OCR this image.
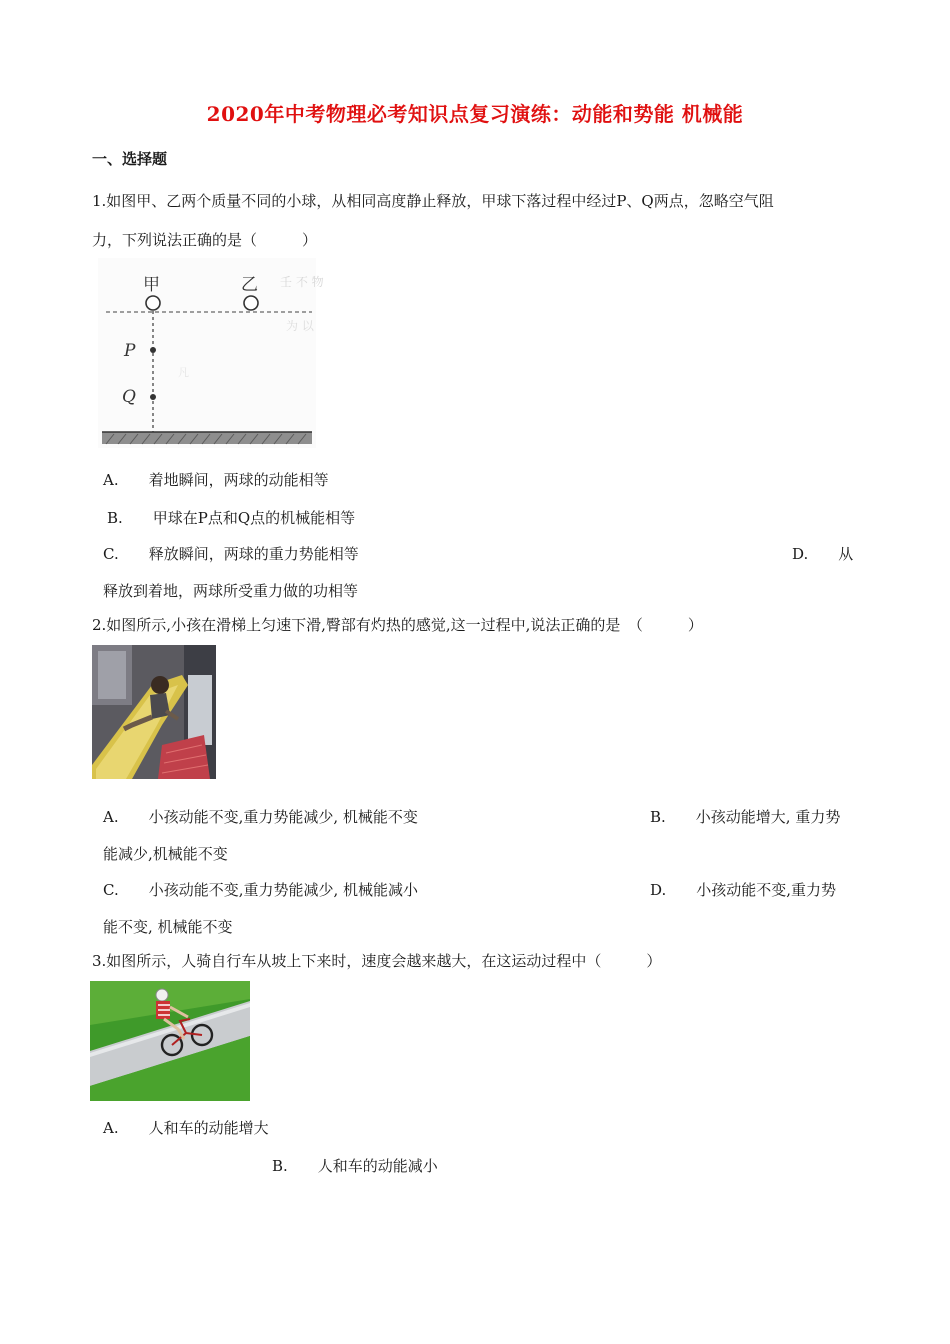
2020年中考物理必考知识点复习演练：动能和势能 机械能
一、选择题
1.如图甲、乙两个质量不同的小球，从相同高度静止释放，甲球下落过程中经过P、Q两点，忽略空气阻
力，下列说法正确的是（　　　）
壬 不 物
为 以
凡
甲	乙
P
Q
A.　　着地瞬间，两球的动能相等
B.　　甲球在P点和Q点的机械能相等
C.　　释放瞬间，两球的重力势能相等	D.　　从
释放到着地，两球所受重力做的功相等
2.如图所示,小孩在滑梯上匀速下滑,臀部有灼热的感觉,这一过程中,说法正确的是　（　　　）
A.　　小孩动能不变,重力势能减少, 机械能不变	B.　　小孩动能增大, 重力势
能减少,机械能不变
C.　　小孩动能不变,重力势能减少, 机械能减小	D.　　小孩动能不变,重力势
能不变, 机械能不变
3.如图所示，人骑自行车从坡上下来时，速度会越来越大，在这运动过程中（　　　）
A.　　人和车的动能增大
B.　　人和车的动能减小
